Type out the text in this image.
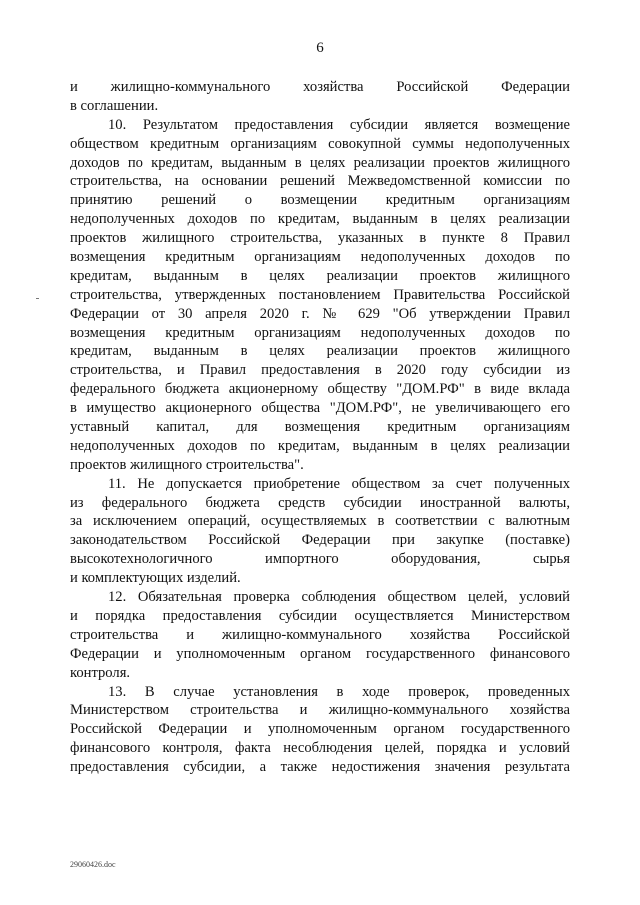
6
и жилищно-коммунального хозяйства Российской Федерации
в соглашении.
10. Результатом предоставления субсидии является возмещение
обществом кредитным организациям совокупной суммы недополученных
доходов по кредитам, выданным в целях реализации проектов жилищного
строительства, на основании решений Межведомственной комиссии по
принятию решений о возмещении кредитным организациям
недополученных доходов по кредитам, выданным в целях реализации
проектов жилищного строительства, указанных в пункте 8 Правил
возмещения кредитным организациям недополученных доходов по
кредитам, выданным в целях реализации проектов жилищного
строительства, утвержденных постановлением Правительства Российской
Федерации от 30 апреля 2020 г. № 629 "Об утверждении Правил
возмещения кредитным организациям недополученных доходов по
кредитам, выданным в целях реализации проектов жилищного
строительства, и Правил предоставления в 2020 году субсидии из
федерального бюджета акционерному обществу "ДОМ.РФ" в виде вклада
в имущество акционерного общества "ДОМ.РФ", не увеличивающего его
уставный капитал, для возмещения кредитным организациям
недополученных доходов по кредитам, выданным в целях реализации
проектов жилищного строительства".
11. Не допускается приобретение обществом за счет полученных
из федерального бюджета средств субсидии иностранной валюты,
за исключением операций, осуществляемых в соответствии с валютным
законодательством Российской Федерации при закупке (поставке)
высокотехнологичного импортного оборудования, сырья
и комплектующих изделий.
12. Обязательная проверка соблюдения обществом целей, условий
и порядка предоставления субсидии осуществляется Министерством
строительства и жилищно-коммунального хозяйства Российской
Федерации и уполномоченным органом государственного финансового
контроля.
13. В случае установления в ходе проверок, проведенных
Министерством строительства и жилищно-коммунального хозяйства
Российской Федерации и уполномоченным органом государственного
финансового контроля, факта несоблюдения целей, порядка и условий
предоставления субсидии, а также недостижения значения результата
29060426.doc
